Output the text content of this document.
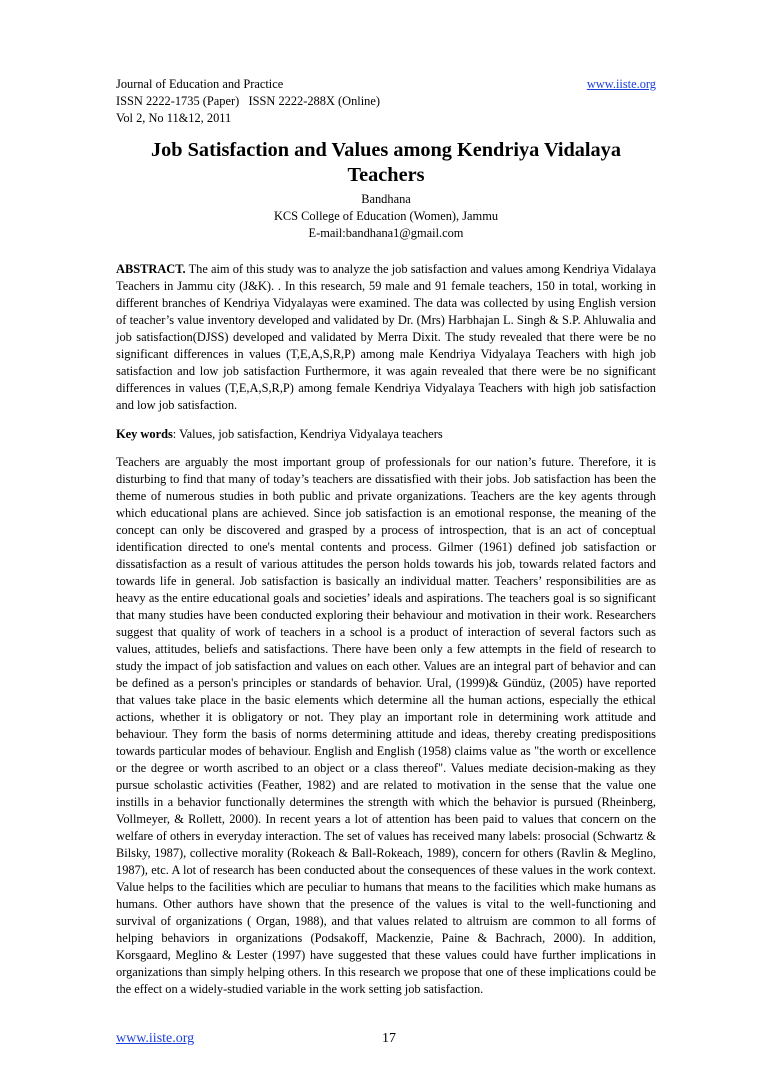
Journal of Education and Practice	www.iiste.org
ISSN 2222-1735 (Paper)   ISSN 2222-288X (Online)
Vol 2, No 11&12, 2011
Job Satisfaction and Values among Kendriya Vidalaya Teachers
Bandhana
KCS College of Education (Women), Jammu
E-mail:bandhana1@gmail.com

ABSTRACT. The aim of this study was to analyze the job satisfaction and values among Kendriya Vidalaya Teachers in Jammu city (J&K). . In this research, 59 male and 91 female teachers, 150 in total, working in different branches of Kendriya Vidyalayas were examined. The data was collected by using English version of teacher’s value inventory developed and validated by Dr. (Mrs) Harbhajan L. Singh & S.P. Ahluwalia and job satisfaction(DJSS) developed and validated by Merra Dixit. The study revealed that there were be no significant differences in values (T,E,A,S,R,P) among male Kendriya Vidyalaya Teachers with high job satisfaction and low job satisfaction Furthermore, it was again revealed that there were be no significant differences in values (T,E,A,S,R,P) among female Kendriya Vidyalaya Teachers with high job satisfaction and low job satisfaction.

Key words: Values, job satisfaction, Kendriya Vidyalaya teachers

Teachers are arguably the most important group of professionals for our nation’s future. Therefore, it is disturbing to find that many of today’s teachers are dissatisfied with their jobs. Job satisfaction has been the theme of numerous studies in both public and private organizations. Teachers are the key agents through which educational plans are achieved. Since job satisfaction is an emotional response, the meaning of the concept can only be discovered and grasped by a process of introspection, that is an act of conceptual identification directed to one's mental contents and process. Gilmer (1961) defined job satisfaction or dissatisfaction as a result of various attitudes the person holds towards his job, towards related factors and towards life in general. Job satisfaction is basically an individual matter. Teachers’ responsibilities are as heavy as the entire educational goals and societies’ ideals and aspirations. The teachers goal is so significant that many studies have been conducted exploring their behaviour and motivation in their work. Researchers suggest that quality of work of teachers in a school is a product of interaction of several factors such as values, attitudes, beliefs and satisfactions. There have been only a few attempts in the field of research to study the impact of job satisfaction and values on each other. Values are an integral part of behavior and can be defined as a person's principles or standards of behavior. Ural, (1999)& Gündüz, (2005) have reported that values take place in the basic elements which determine all the human actions, especially the ethical actions, whether it is obligatory or not. They play an important role in determining work attitude and behaviour. They form the basis of norms determining attitude and ideas, thereby creating predispositions towards particular modes of behaviour. English and English (1958) claims value as "the worth or excellence or the degree or worth ascribed to an object or a class thereof". Values mediate decision-making as they pursue scholastic activities (Feather, 1982) and are related to motivation in the sense that the value one instills in a behavior functionally determines the strength with which the behavior is pursued (Rheinberg, Vollmeyer, & Rollett, 2000). In recent years a lot of attention has been paid to values that concern on the welfare of others in everyday interaction. The set of values has received many labels: prosocial (Schwartz & Bilsky, 1987), collective morality (Rokeach & Ball-Rokeach, 1989), concern for others (Ravlin & Meglino, 1987), etc. A lot of research has been conducted about the consequences of these values in the work context. Value helps to the facilities which are peculiar to humans that means to the facilities which make humans as humans. Other authors have shown that the presence of the values is vital to the well-functioning and survival of organizations ( Organ, 1988), and that values related to altruism are common to all forms of helping behaviors in organizations (Podsakoff, Mackenzie, Paine & Bachrach, 2000). In addition, Korsgaard, Meglino & Lester (1997) have suggested that these values could have further implications in organizations than simply helping others. In this research we propose that one of these implications could be the effect on a widely-studied variable in the work setting job satisfaction.

www.iiste.org	17
